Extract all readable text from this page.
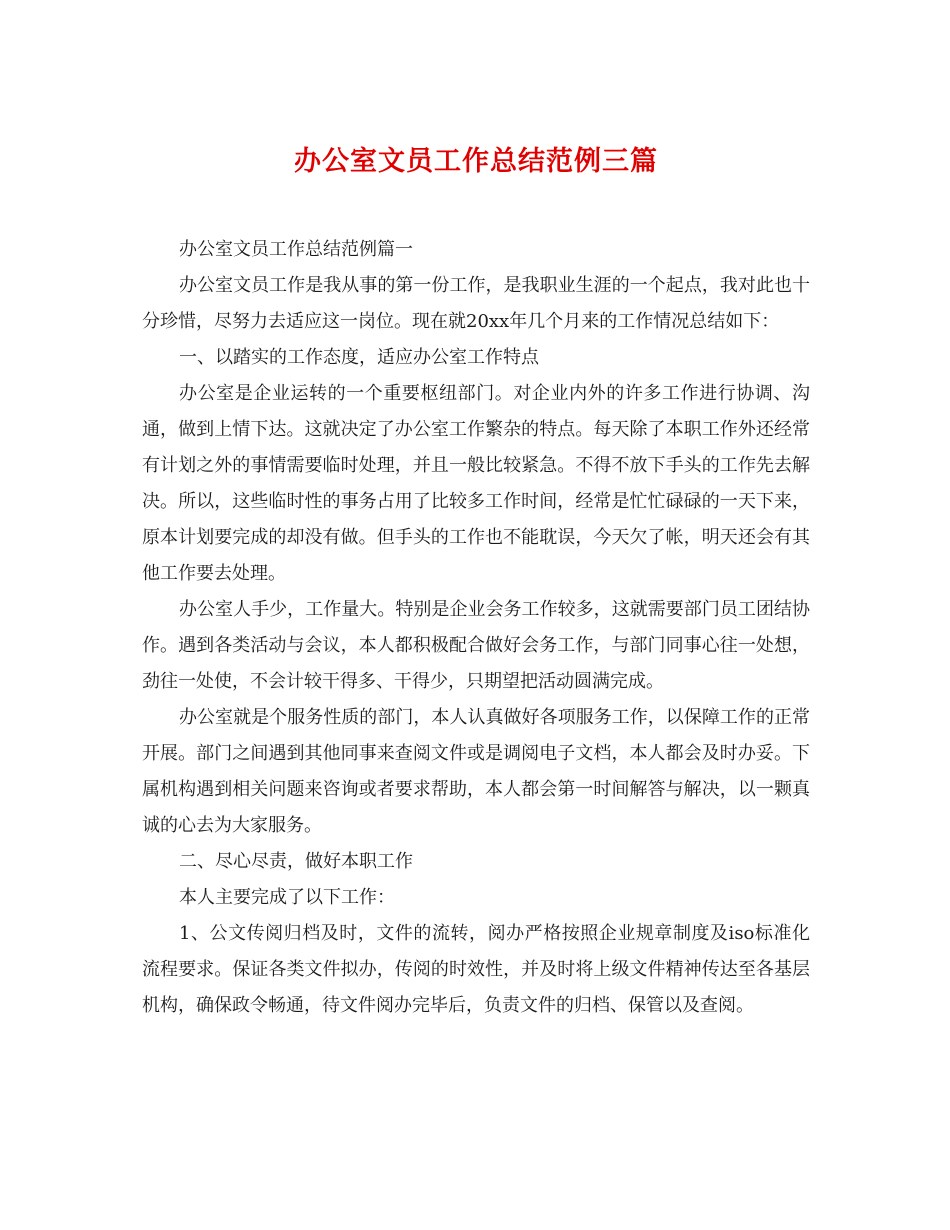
办公室文员工作总结范例三篇

办公室文员工作总结范例篇一

办公室文员工作是我从事的第一份工作，是我职业生涯的一个起点，我对此也十分珍惜，尽努力去适应这一岗位。现在就20xx年几个月来的工作情况总结如下：

一、以踏实的工作态度，适应办公室工作特点

办公室是企业运转的一个重要枢纽部门。对企业内外的许多工作进行协调、沟通，做到上情下达。这就决定了办公室工作繁杂的特点。每天除了本职工作外还经常有计划之外的事情需要临时处理，并且一般比较紧急。不得不放下手头的工作先去解决。所以，这些临时性的事务占用了比较多工作时间，经常是忙忙碌碌的一天下来，原本计划要完成的却没有做。但手头的工作也不能耽误，今天欠了帐，明天还会有其他工作要去处理。

办公室人手少，工作量大。特别是企业会务工作较多，这就需要部门员工团结协作。遇到各类活动与会议，本人都积极配合做好会务工作，与部门同事心往一处想，劲往一处使，不会计较干得多、干得少，只期望把活动圆满完成。

办公室就是个服务性质的部门，本人认真做好各项服务工作，以保障工作的正常开展。部门之间遇到其他同事来查阅文件或是调阅电子文档，本人都会及时办妥。下属机构遇到相关问题来咨询或者要求帮助，本人都会第一时间解答与解决，以一颗真诚的心去为大家服务。

二、尽心尽责，做好本职工作

本人主要完成了以下工作：

1、公文传阅归档及时，文件的流转，阅办严格按照企业规章制度及iso标准化流程要求。保证各类文件拟办，传阅的时效性，并及时将上级文件精神传达至各基层机构，确保政令畅通，待文件阅办完毕后，负责文件的归档、保管以及查阅。
